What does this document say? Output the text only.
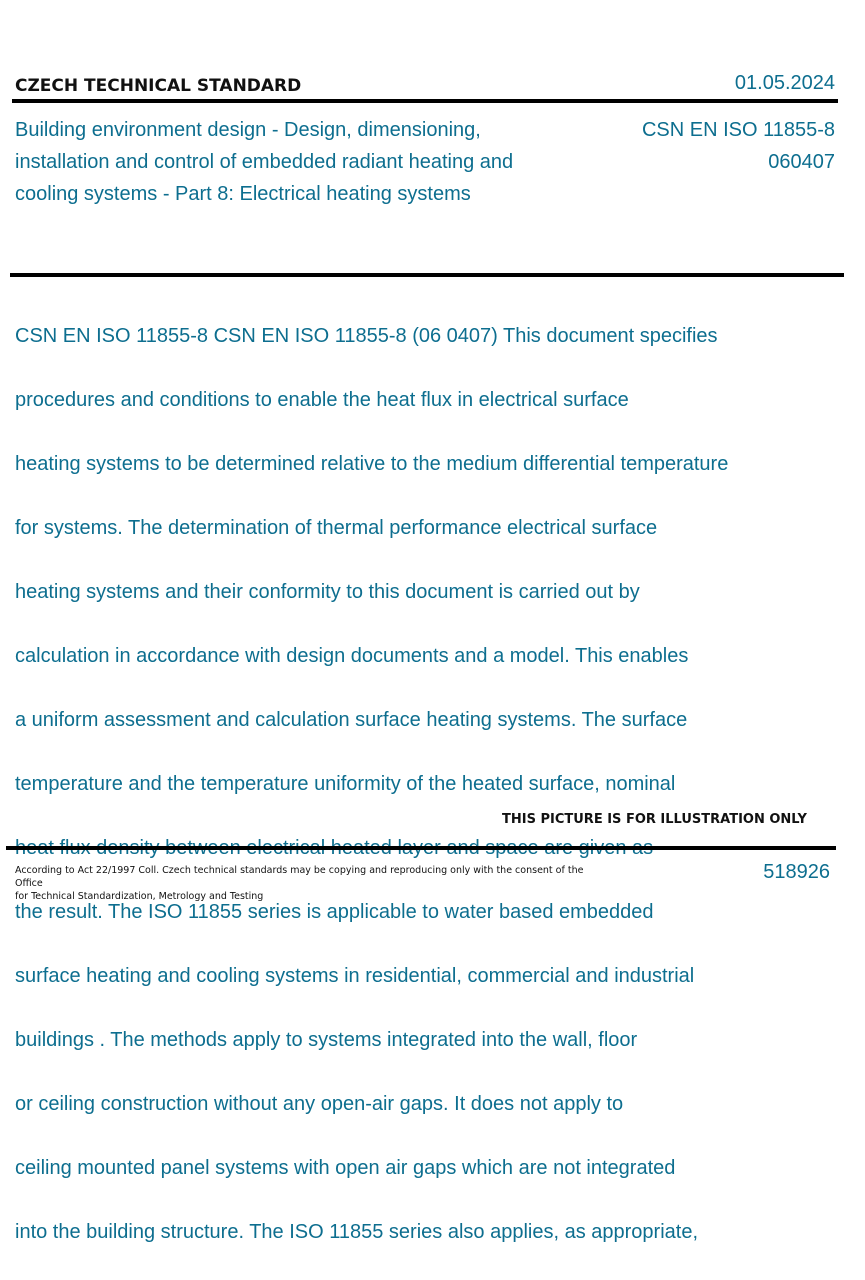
CZECH TECHNICAL STANDARD	01.05.2024
Building environment design - Design, dimensioning, installation and control of embedded radiant heating and cooling systems - Part 8: Electrical heating systems
CSN EN ISO 11855-8
060407

CSN EN ISO 11855-8 CSN EN ISO 11855-8 (06 0407) This document specifies

procedures and conditions to enable the heat flux in electrical surface

heating systems to be determined relative to the medium differential temperature

for systems. The determination of thermal performance electrical surface

heating systems and their conformity to this document is carried out by

calculation in accordance with design documents and a model. This enables

a uniform assessment and calculation surface heating systems. The surface

temperature and the temperature uniformity of the heated surface, nominal

the result. The ISO 11855 series is applicable to water based embedded

surface heating and cooling systems in residential, commercial and industrial

buildings . The methods apply to systems integrated into the wall, floor

or ceiling construction without any open-air gaps. It does not apply to

ceiling mounted panel systems with open air gaps which are not integrated

into the building structure. The ISO 11855 series also applies, as appropriate,

THIS PICTURE IS FOR ILLUSTRATION ONLY
According to Act 22/1997 Coll. Czech technical standards may be copying and reproducing only with the consent of the Office
for Technical Standardization, Metrology and Testing
518926
